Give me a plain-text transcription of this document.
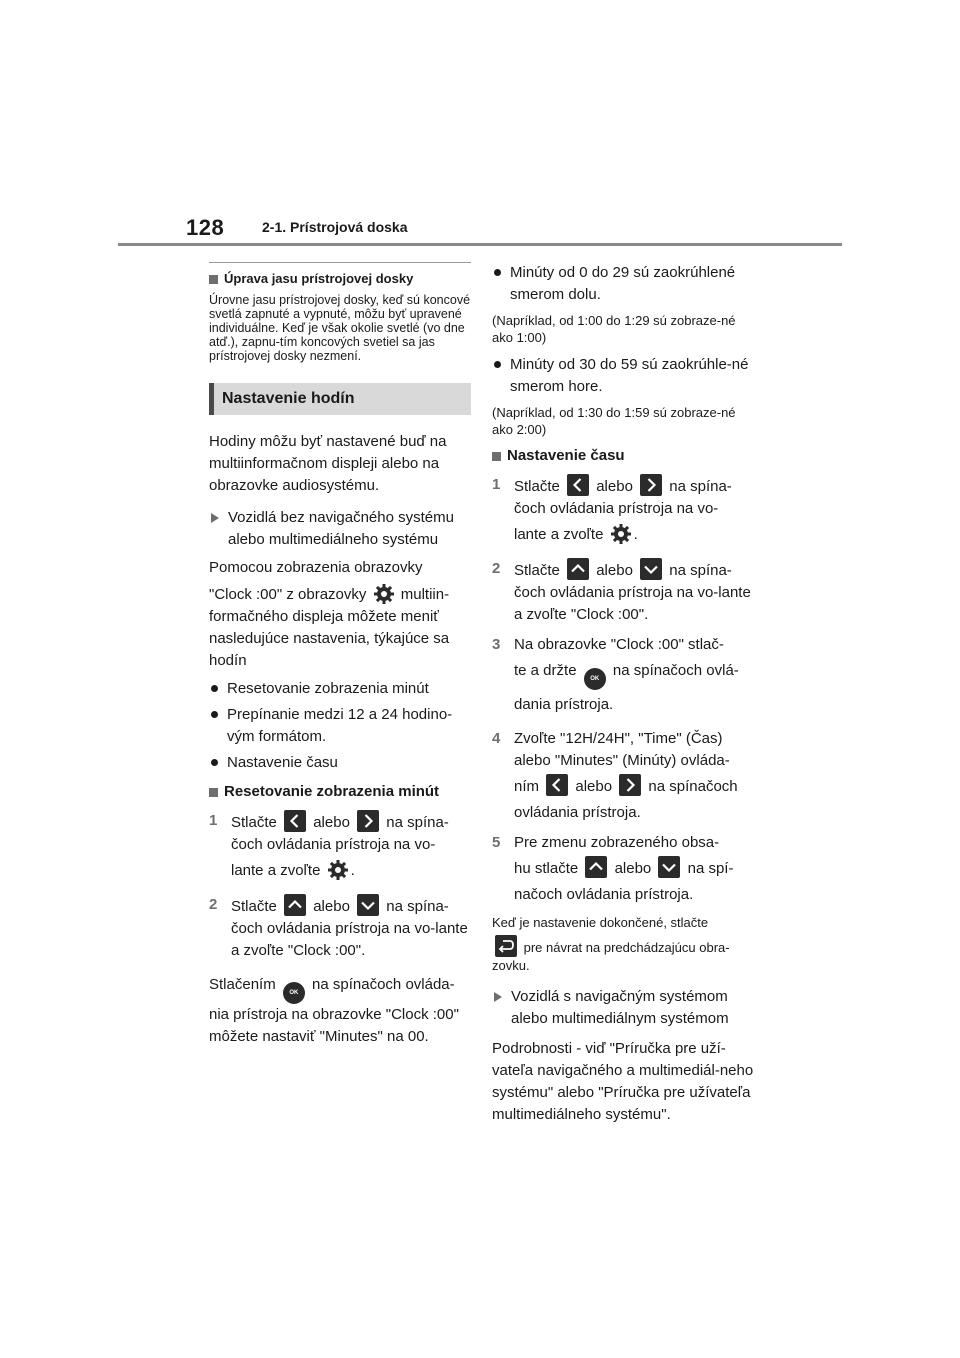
128	2-1. Prístrojová doska
Úprava jasu prístrojovej dosky

Úrovne jasu prístrojovej dosky, keď sú koncové svetlá zapnuté a vypnuté, môžu byť upravené individuálne. Keď je však okolie svetlé (vo dne atď.), zapnu-tím koncových svetiel sa jas prístrojovej dosky nezmení.

Nastavenie hodín

Hodiny môžu byť nastavené buď na multiinformačnom displeji alebo na obrazovke audiosystému.

Vozidlá bez navigačného systému alebo multimediálneho systému

Pomocou zobrazenia obrazovky

"Clock :00" z obrazovky multiin-formačného displeja môžete meniť nasledujúce nastavenia, týkajúce sa hodín

Resetovanie zobrazenia minút
Prepínanie medzi 12 a 24 hodino-vým formátom.
Nastavenie času
Resetovanie zobrazenia minút
1 Stlačte alebo na spína-čoch ovládania prístroja na vo-

lante a zvoľte .

2 Stlačte alebo na spína-čoch ovládania prístroja na vo-lante a zvoľte "Clock :00".

Stlačením OK na spínačoch ovláda-nia prístroja na obrazovke "Clock :00" môžete nastaviť "Minutes" na 00.

Minúty od 0 do 29 sú zaokrúhlené smerom dolu.

(Napríklad, od 1:00 do 1:29 sú zobraze-né ako 1:00)

Minúty od 30 do 59 sú zaokrúhle-né smerom hore.

(Napríklad, od 1:30 do 1:59 sú zobraze-né ako 2:00)

Nastavenie času
1 Stlačte alebo na spína-čoch ovládania prístroja na vo-

lante a zvoľte .

2 Stlačte alebo na spína-čoch ovládania prístroja na vo-lante a zvoľte "Clock :00".

3 Na obrazovke "Clock :00" stlač-

te a držte OK na spínačoch ovlá-dania prístroja.

4 Zvoľte "12H/24H", "Time" (Čas) alebo "Minutes" (Minúty) ovláda-

ním alebo na spínačoch

ovládania prístroja.

5 Pre zmenu zobrazeného obsa-

hu stlačte alebo na spí-

načoch ovládania prístroja.

Keď je nastavenie dokončené, stlačte

pre návrat na predchádzajúcu obra-zovku.

Vozidlá s navigačným systémom alebo multimediálnym systémom

Podrobnosti - viď "Príručka pre uží-vateľa navigačného a multimediál-neho systému" alebo "Príručka pre užívateľa multimediálneho systému".
